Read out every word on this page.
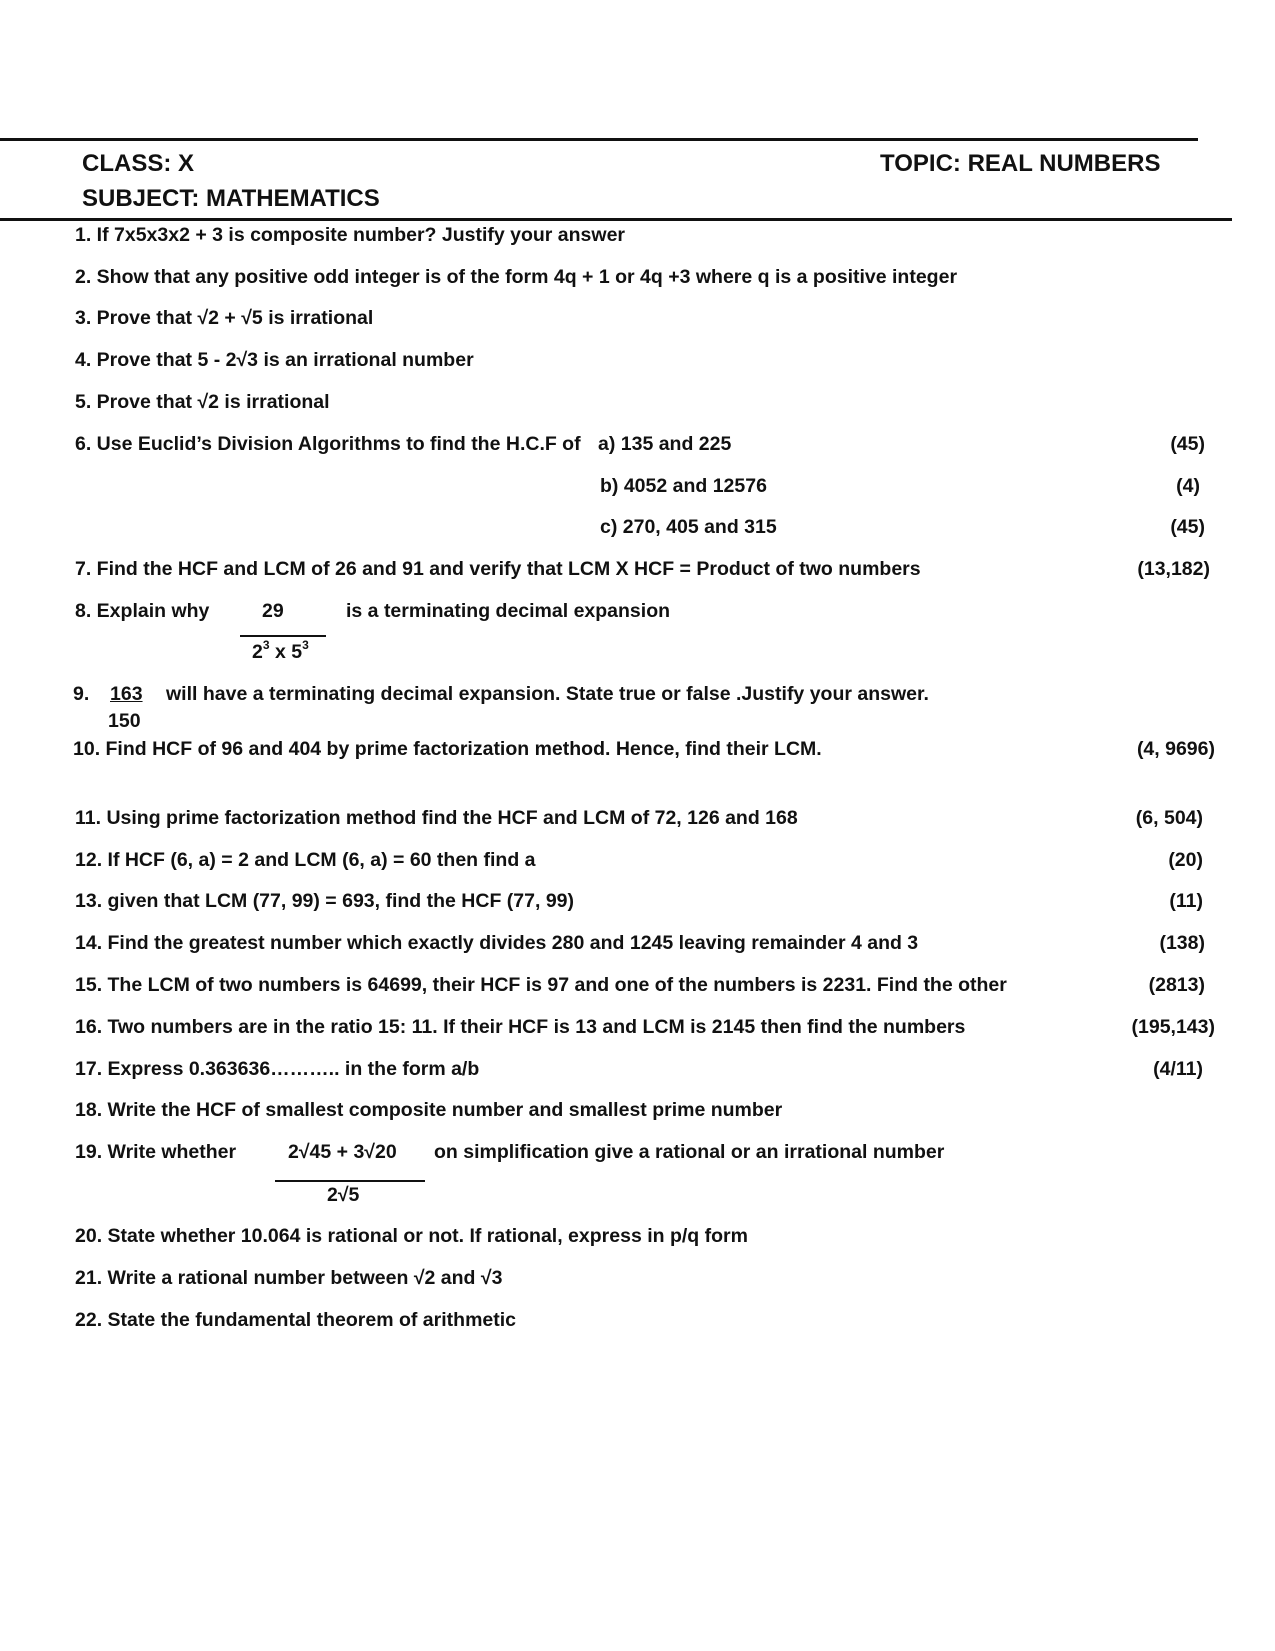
CLASS: X	TOPIC: REAL NUMBERS
SUBJECT: MATHEMATICS
1. If 7x5x3x2 + 3 is composite number? Justify your answer
2. Show that any positive odd integer is of the form 4q + 1 or 4q +3 where q is a positive integer
3. Prove that √2 + √5 is irrational
4. Prove that 5 - 2√3 is an irrational number
5. Prove that √2 is irrational
6. Use Euclid’s Division Algorithms to find the H.C.F of a) 135 and 225	(45)
b) 4052 and 12576	(4)
c) 270, 405 and 315	(45)
7. Find the HCF and LCM of 26 and 91 and verify that LCM X HCF = Product of two numbers	(13,182)
8. Explain why	29
$2^3$ x $5^3$
is a terminating decimal expansion
9. 163
150
will have a terminating decimal expansion. State true or false .Justify your answer.
10. Find HCF of 96 and 404 by prime factorization method. Hence, find their LCM.	(4, 9696)
11. Using prime factorization method find the HCF and LCM of 72, 126 and 168	(6, 504)
12. If HCF (6, a) = 2 and LCM (6, a) = 60 then find a	(20)
13. given that LCM (77, 99) = 693, find the HCF (77, 99)	(11)
14. Find the greatest number which exactly divides 280 and 1245 leaving remainder 4 and 3	(138)
15. The LCM of two numbers is 64699, their HCF is 97 and one of the numbers is 2231. Find the other	(2813)
16. Two numbers are in the ratio 15: 11. If their HCF is 13 and LCM is 2145 then find the numbers	(195,143)
17. Express 0.363636……….. in the form a/b	(4/11)
18. Write the HCF of smallest composite number and smallest prime number
19. Write whether	2√45 + 3√20
2√5
on simplification give a rational or an irrational number
20. State whether 10.064 is rational or not. If rational, express in p/q form
21. Write a rational number between √2 and √3
22. State the fundamental theorem of arithmetic
